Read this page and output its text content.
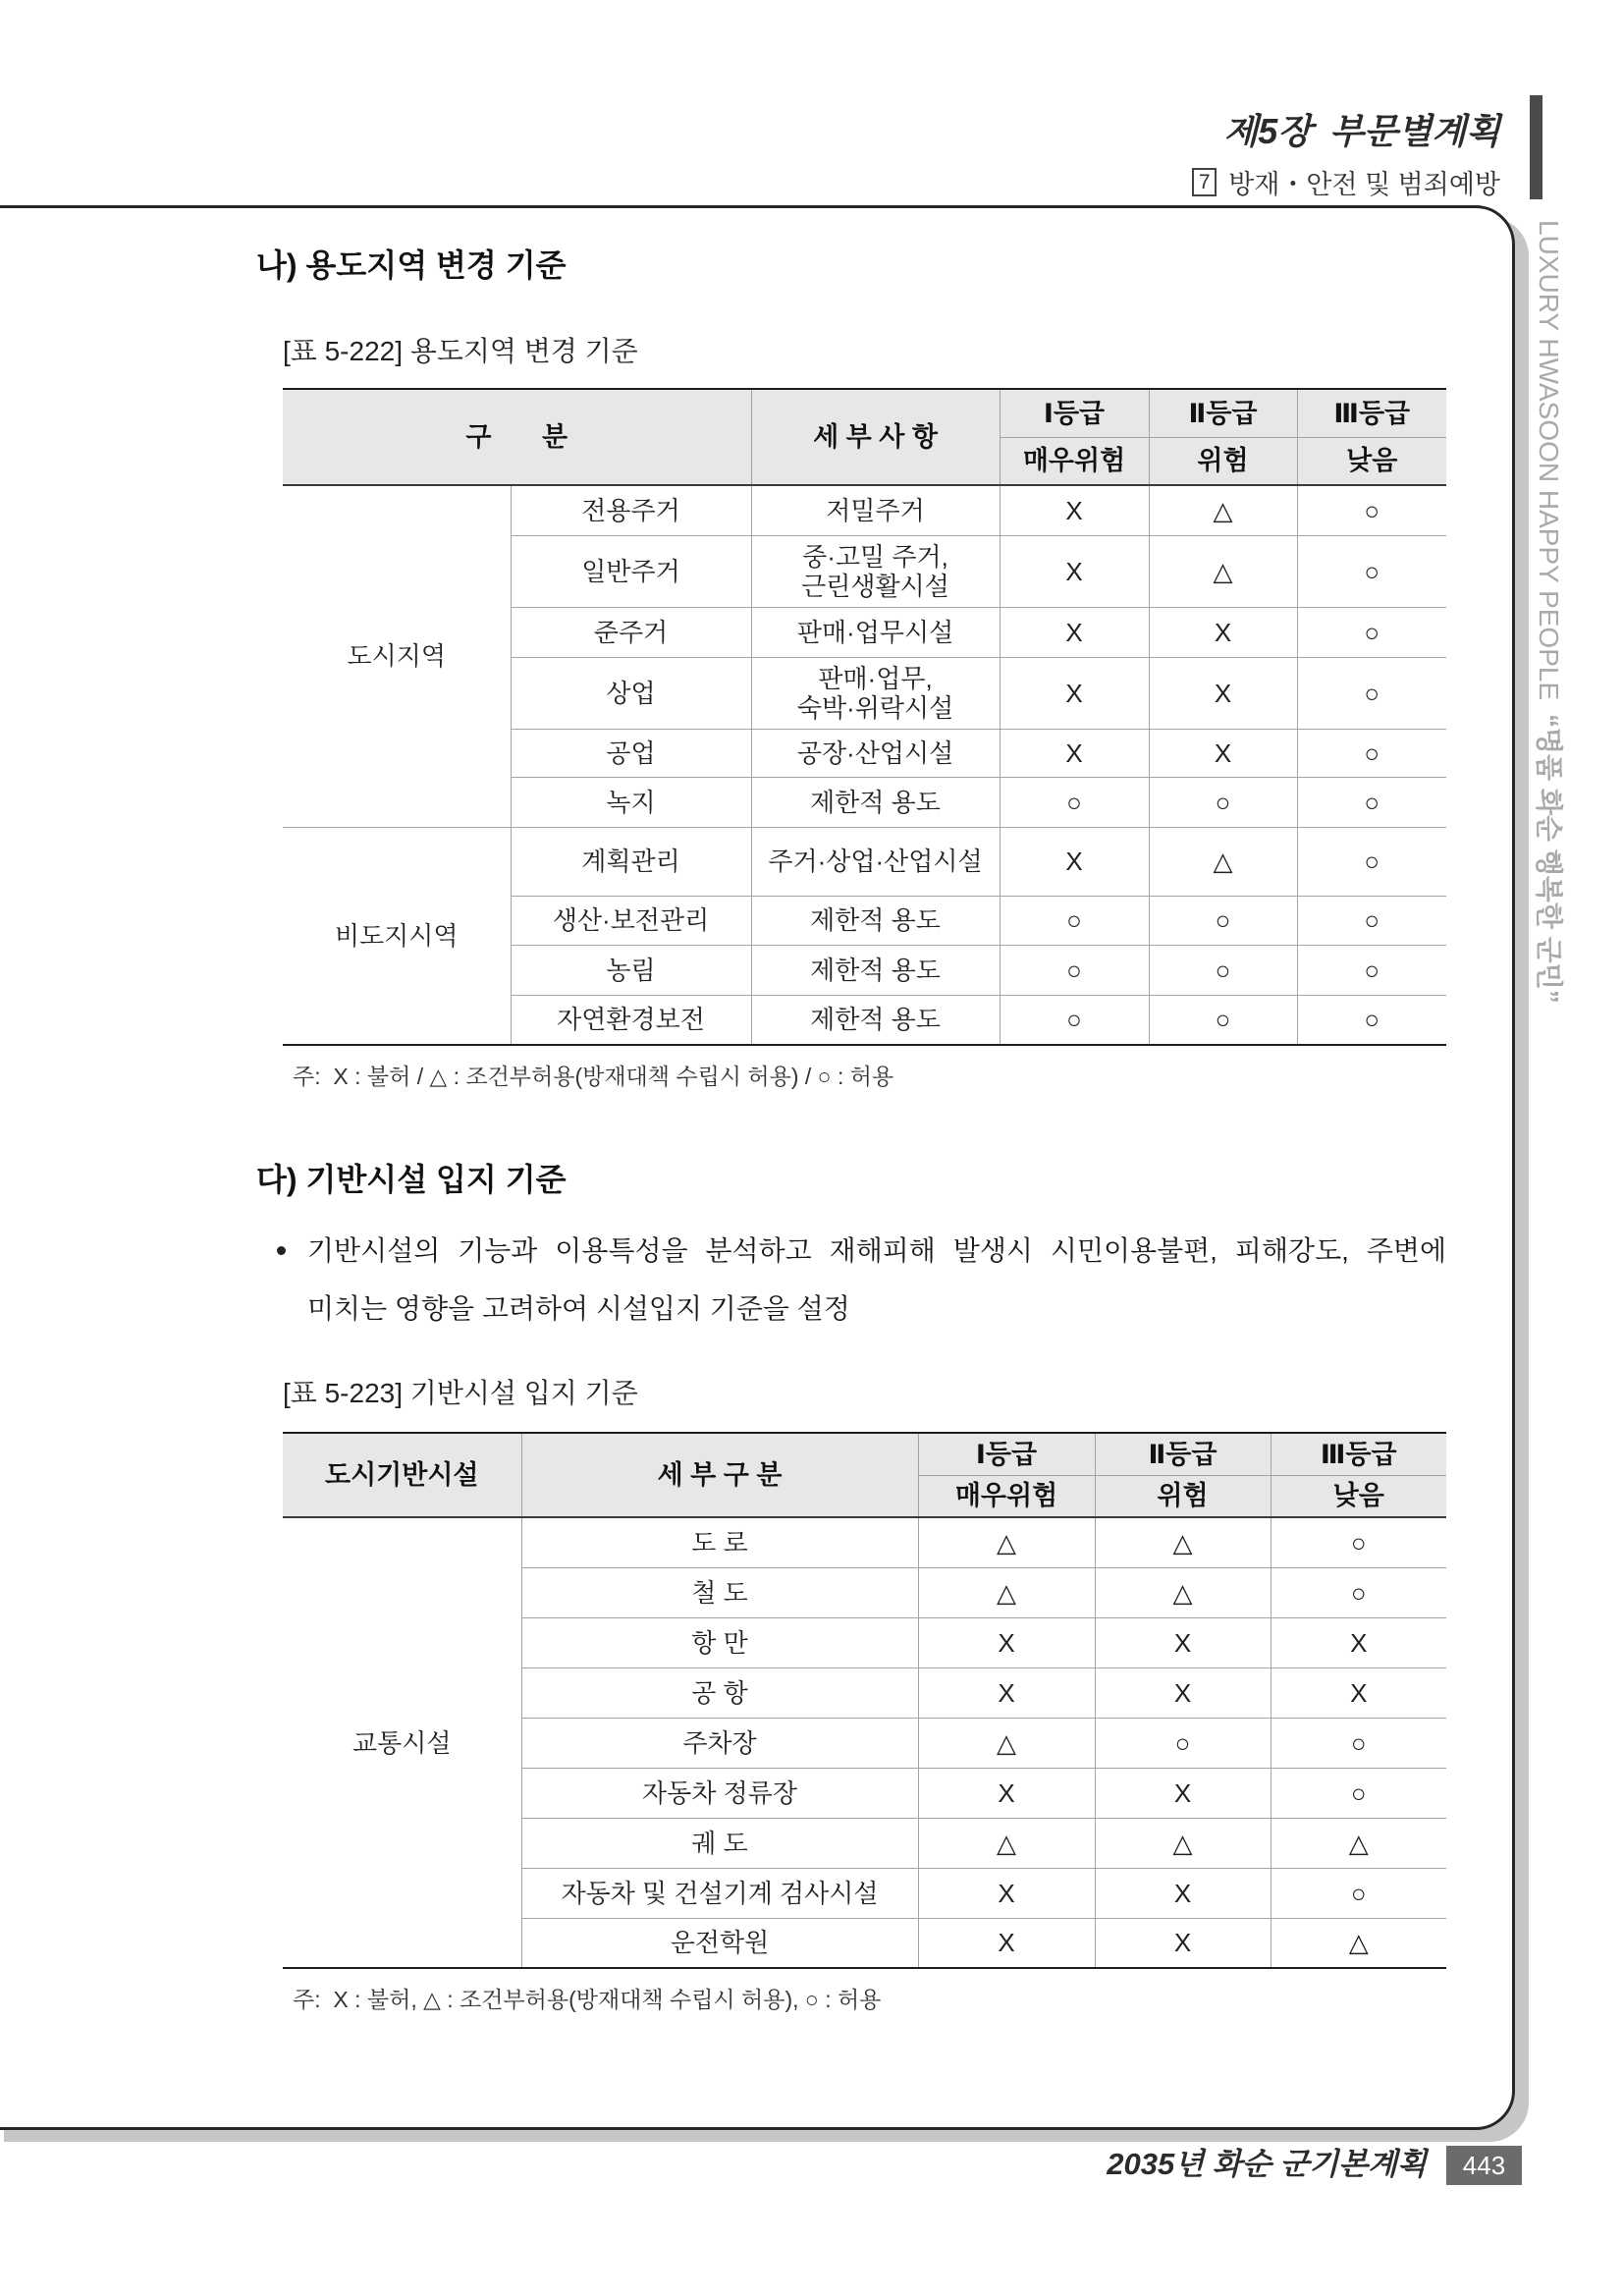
제5장 부문별계획
7 방재・안전 및 범죄예방
LUXURY HWASOON HAPPY PEOPLE“명품 화순 행복한 군민”
나) 용도지역 변경 기준
[표 5-222] 용도지역 변경 기준
구 분		세 부 사 항	Ⅰ등급	Ⅱ등급	Ⅲ등급
			매우위험	위험	낮음
도시지역	전용주거	저밀주거	X	△	○
	일반주거	중·고밀 주거,
근린생활시설	X	△	○
	준주거	판매·업무시설	X	X	○
	상업	판매·업무,
숙박·위락시설	X	X	○
	공업	공장·산업시설	X	X	○
	녹지	제한적 용도	○	○	○
비도지시역	계획관리	주거·상업·산업시설	X	△	○
	생산·보전관리	제한적 용도	○	○	○
	농림	제한적 용도	○	○	○
	자연환경보전	제한적 용도	○	○	○
주:  X : 불허 / △ : 조건부허용(방재대책 수립시 허용) / ○ : 허용
다) 기반시설 입지 기준
기반시설의 기능과 이용특성을 분석하고 재해피해 발생시 시민이용불편, 피해강도, 주변에
미치는 영향을 고려하여 시설입지 기준을 설정
[표 5-223] 기반시설 입지 기준
도시기반시설	세 부 구 분	Ⅰ등급	Ⅱ등급	Ⅲ등급
		매우위험	위험	낮음
교통시설	도 로	△	△	○
	철 도	△	△	○
	항 만	X	X	X
	공 항	X	X	X
	주차장	△	○	○
	자동차 정류장	X	X	○
	궤 도	△	△	△
	자동차 및 건설기계 검사시설	X	X	○
	운전학원	X	X	△
주:  X : 불허, △ : 조건부허용(방재대책 수립시 허용), ○ : 허용
2035년 화순 군기본계획	443
